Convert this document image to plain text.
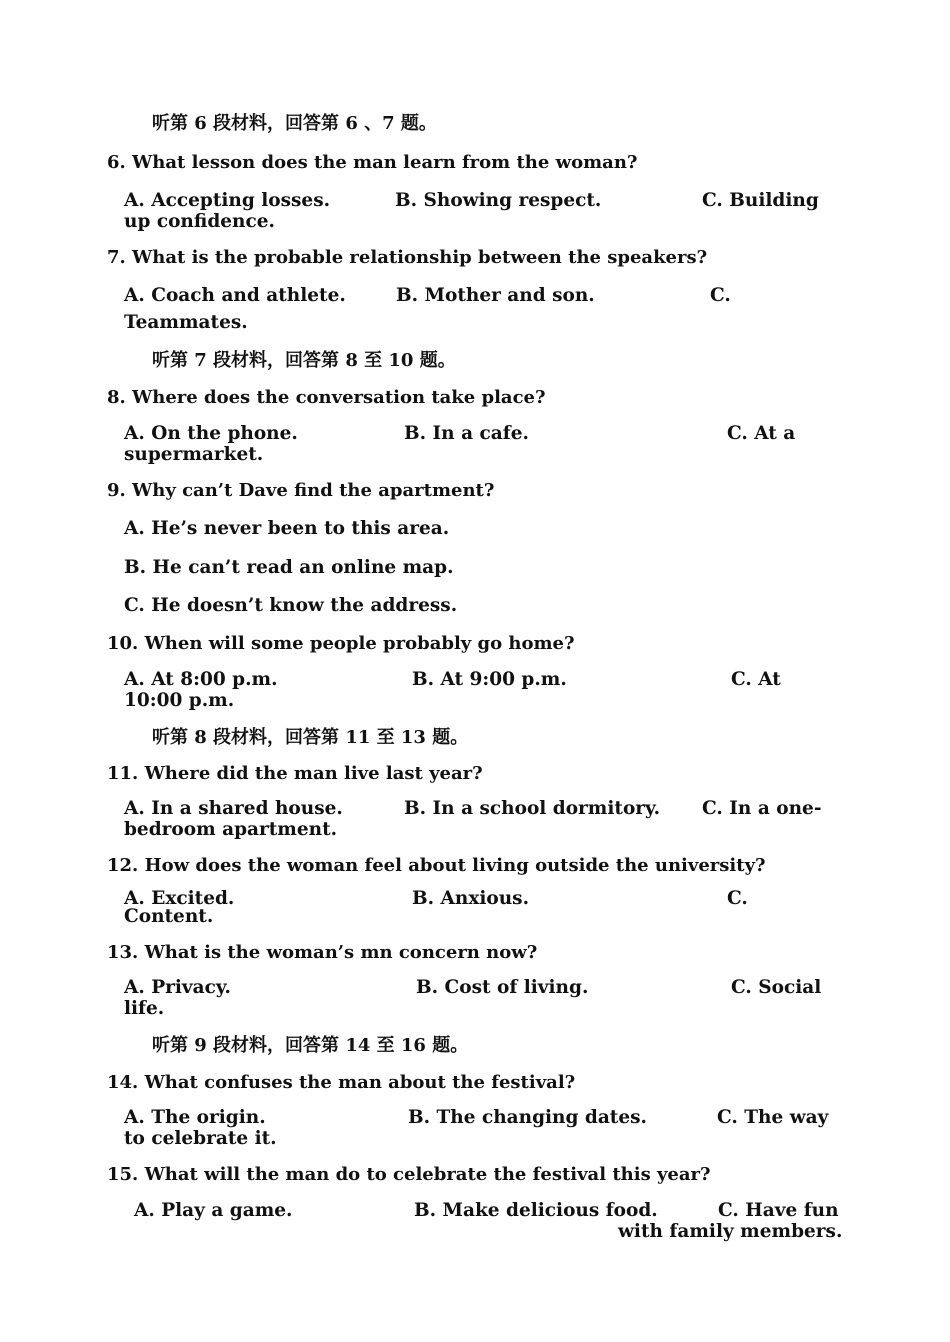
听第 6 段材料，回答第 6 、7 题。
6. What lesson does the man learn from the woman?
A. Accepting losses.	B. Showing respect.	C. Building
up confidence.
7. What is the probable relationship between the speakers?
A. Coach and athlete.	B. Mother and son.	C.
Teammates.
听第 7 段材料，回答第 8 至 10 题。
8. Where does the conversation take place?
A. On the phone.	B. In a cafe.	C. At a
supermarket.
9. Why can’t Dave find the apartment?
A. He’s never been to this area.
B. He can’t read an online map.
C. He doesn’t know the address.
10. When will some people probably go home?
A. At 8:00 p.m.	B. At 9:00 p.m.	C. At
10:00 p.m.
听第 8 段材料，回答第 11 至 13 题。
11. Where did the man live last year?
A. In a shared house.	B. In a school dormitory. C. In a one-
bedroom apartment.
12. How does the woman feel about living outside the university?
A. Excited.	B. Anxious.	C.
Content.
13. What is the woman’s mn concern now?
A. Privacy.	B. Cost of living.	C. Social
life.
听第 9 段材料，回答第 14 至 16 题。
14. What confuses the man about the festival?
A. The origin.	B. The changing dates.	C. The way
to celebrate it.
15. What will the man do to celebrate the festival this year?
A. Play a game.	B. Make delicious food.	C. Have fun
with family members.
